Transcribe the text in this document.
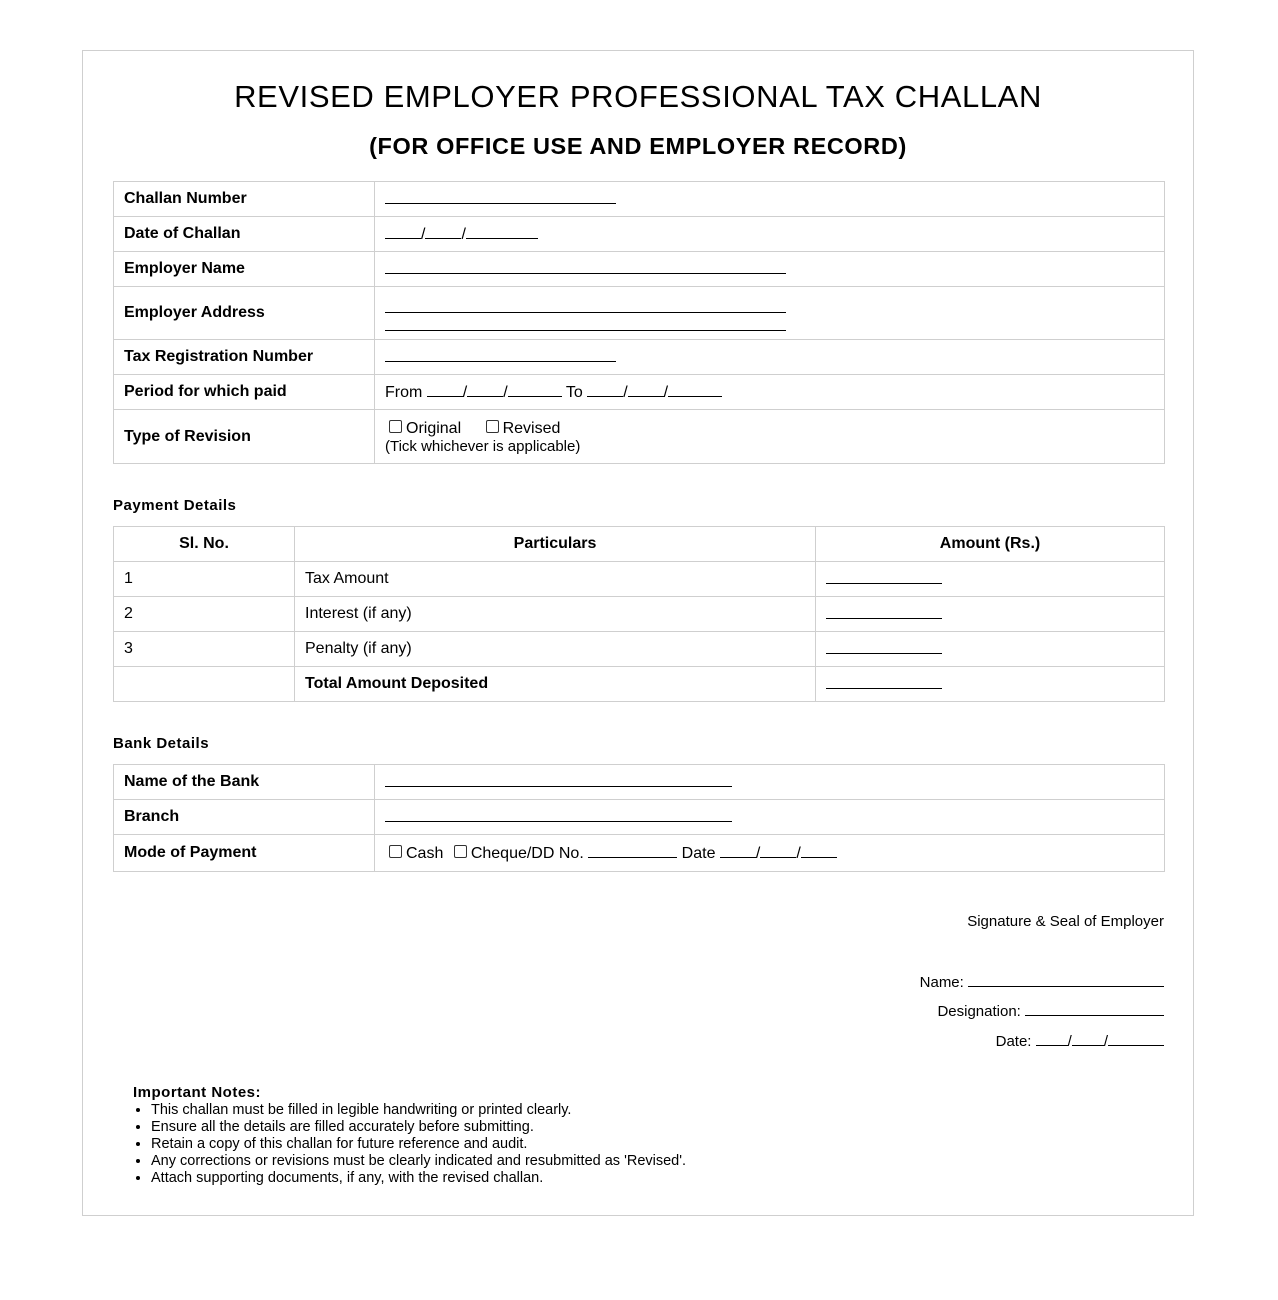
REVISED EMPLOYER PROFESSIONAL TAX CHALLAN
(FOR OFFICE USE AND EMPLOYER RECORD)
Challan Number	
Date of Challan	/ /
Employer Name	
Employer Address	

Tax Registration Number	
Period for which paid	From / / To / /
Type of Revision	Original Revised
(Tick whichever is applicable)
Payment Details
Sl. No.	Particulars	Amount (Rs.)
1	Tax Amount	
2	Interest (if any)	
3	Penalty (if any)	
	Total Amount Deposited	
Bank Details
Name of the Bank	
Branch	
Mode of Payment	Cash Cheque/DD No. Date / /
Signature & Seal of Employer
Name:
Designation:
Date: / /
Important Notes:
• This challan must be filled in legible handwriting or printed clearly.
• Ensure all the details are filled accurately before submitting.
• Retain a copy of this challan for future reference and audit.
• Any corrections or revisions must be clearly indicated and resubmitted as 'Revised'.
• Attach supporting documents, if any, with the revised challan.
